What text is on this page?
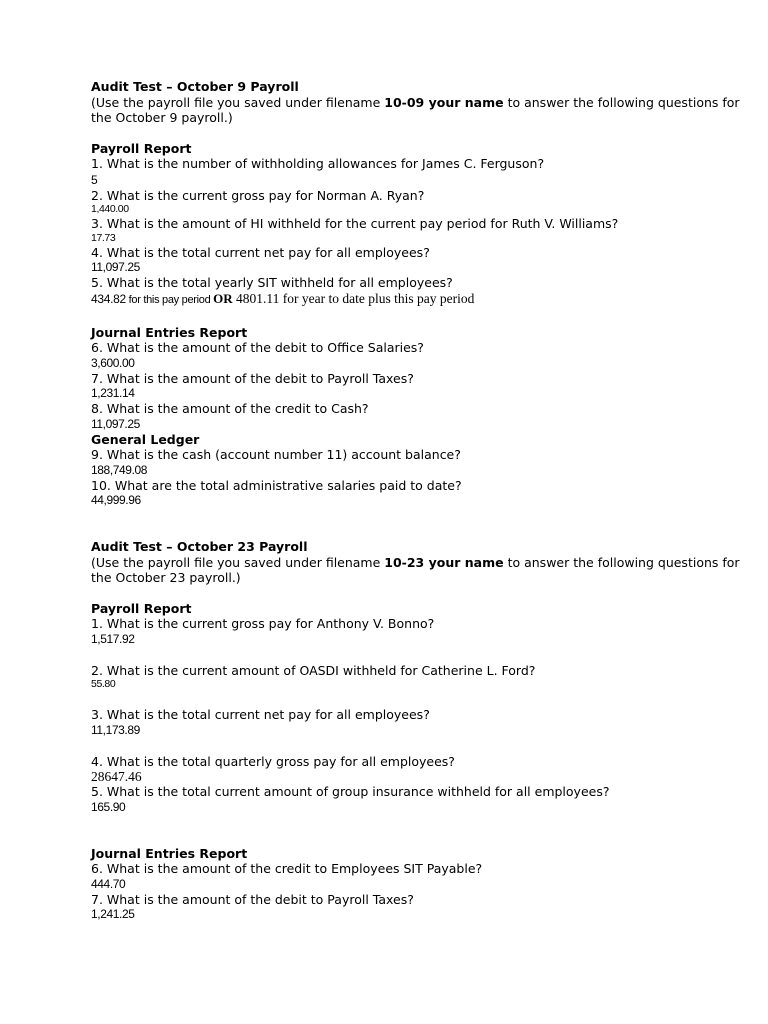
Audit Test – October 9 Payroll

(Use the payroll file you saved under filename 10-09 your name to answer the following questions for the October 9 payroll.)

Payroll Report

1. What is the number of withholding allowances for James C. Ferguson?

5

2. What is the current gross pay for Norman A. Ryan?

1,440.00

3. What is the amount of HI withheld for the current pay period for Ruth V. Williams?

17.73

4. What is the total current net pay for all employees?

11,097.25

5. What is the total yearly SIT withheld for all employees?

434.82 for this pay period OR 4801.11 for year to date plus this pay period

Journal Entries Report

6. What is the amount of the debit to Office Salaries?

3,600.00

7. What is the amount of the debit to Payroll Taxes?

1,231.14

8. What is the amount of the credit to Cash?

11,097.25

General Ledger

9. What is the cash (account number 11) account balance?

188,749.08

10. What are the total administrative salaries paid to date?

44,999.96

Audit Test – October 23 Payroll

(Use the payroll file you saved under filename 10-23 your name to answer the following questions for the October 23 payroll.)

Payroll Report

1. What is the current gross pay for Anthony V. Bonno?

1,517.92

2. What is the current amount of OASDI withheld for Catherine L. Ford?

55.80

3. What is the total current net pay for all employees?

11,173.89

4. What is the total quarterly gross pay for all employees?

28647.46

5. What is the total current amount of group insurance withheld for all employees?

165.90

Journal Entries Report

6. What is the amount of the credit to Employees SIT Payable?

444.70

7. What is the amount of the debit to Payroll Taxes?

1,241.25
